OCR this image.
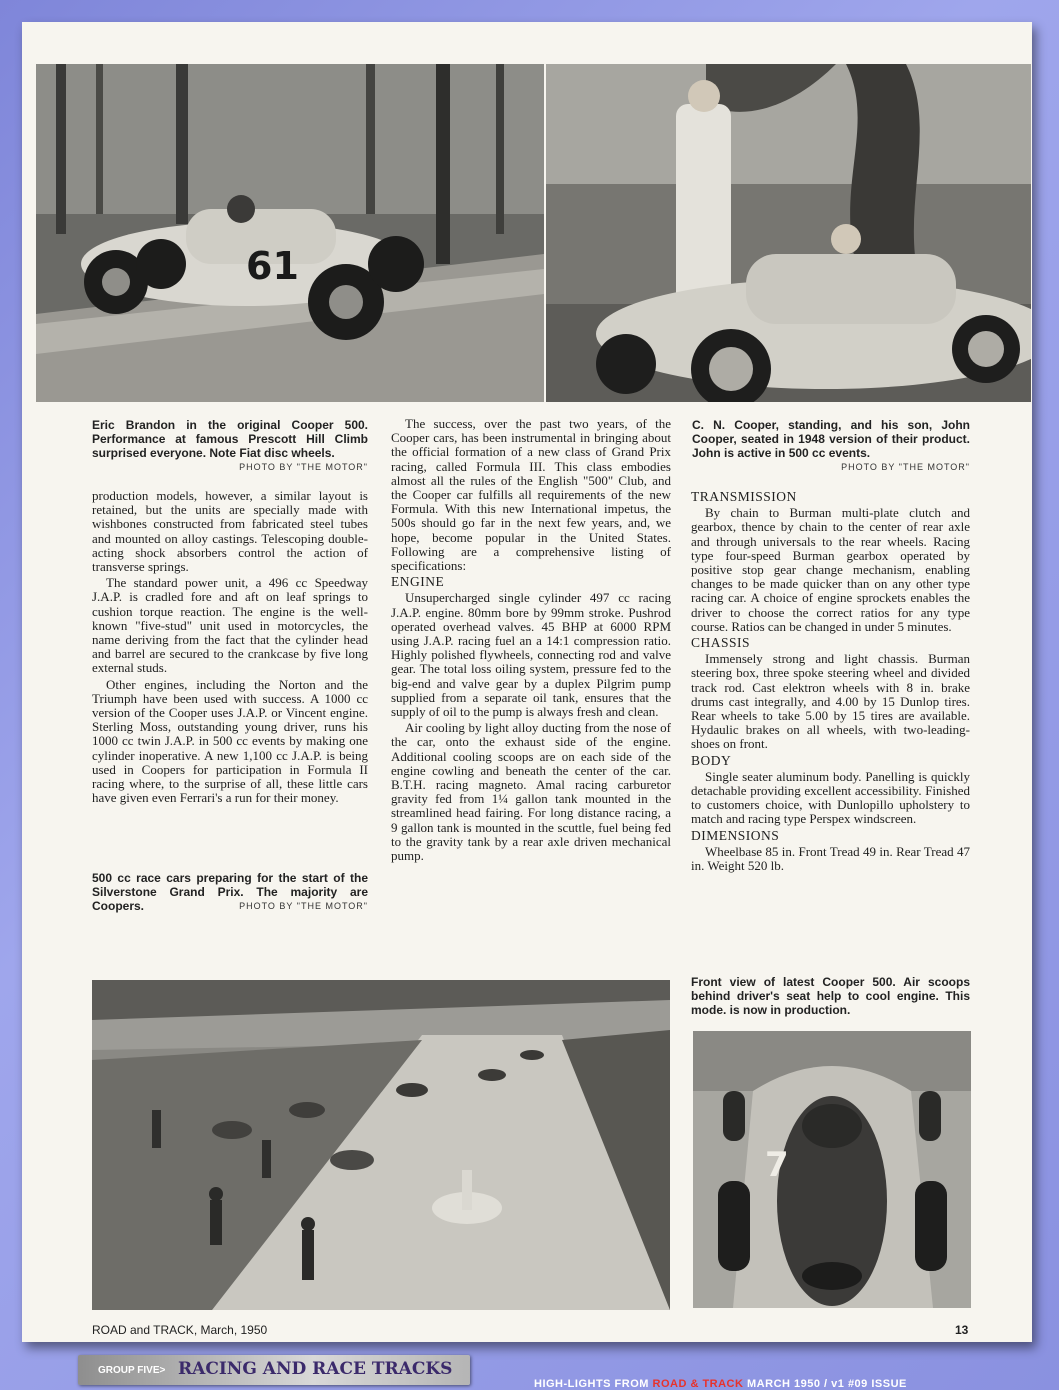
61
Eric Brandon in the original Cooper 500. Performance at famous Prescott Hill Climb surprised everyone. Note Fiat disc wheels.
PHOTO BY "THE MOTOR"
C. N. Cooper, standing, and his son, John Cooper, seated in 1948 version of their product. John is active in 500 cc events.
PHOTO BY "THE MOTOR"

production models, however, a similar layout is retained, but the units are specially made with wishbones constructed from fabricated steel tubes and mounted on alloy castings. Telescoping double-acting shock absorbers control the action of transverse springs.

The standard power unit, a 496 cc Speedway J.A.P. is cradled fore and aft on leaf springs to cushion torque reaction. The engine is the well-known "five-stud" unit used in motorcycles, the name deriving from the fact that the cylinder head and barrel are secured to the crankcase by five long external studs.

Other engines, including the Norton and the Triumph have been used with success. A 1000 cc version of the Cooper uses J.A.P. or Vincent engine. Sterling Moss, outstanding young driver, runs his 1000 cc twin J.A.P. in 500 cc events by making one cylinder inoperative. A new 1,100 cc J.A.P. is being used in Coopers for participation in Formula II racing where, to the surprise of all, these little cars have given even Ferrari's a run for their money.

500 cc race cars preparing for the start of the Silverstone Grand Prix. The majority are Coopers.	PHOTO BY "THE MOTOR"

The success, over the past two years, of the Cooper cars, has been instrumental in bringing about the official formation of a new class of Grand Prix racing, called Formula III. This class embodies almost all the rules of the English "500" Club, and the Cooper car fulfills all requirements of the new Formula. With this new International impetus, the 500s should go far in the next few years, and, we hope, become popular in the United States. Following are a comprehensive listing of specifications:

ENGINE

Unsupercharged single cylinder 497 cc racing J.A.P. engine. 80mm bore by 99mm stroke. Pushrod operated overhead valves. 45 BHP at 6000 RPM using J.A.P. racing fuel an a 14:1 compression ratio. Highly polished flywheels, connecting rod and valve gear. The total loss oiling system, pressure fed to the big-end and valve gear by a duplex Pilgrim pump supplied from a separate oil tank, ensures that the supply of oil to the pump is always fresh and clean.

Air cooling by light alloy ducting from the nose of the car, onto the exhaust side of the engine. Additional cooling scoops are on each side of the engine cowling and beneath the center of the car. B.T.H. racing magneto. Amal racing carburetor gravity fed from 1¼ gallon tank mounted in the streamlined head fairing. For long distance racing, a 9 gallon tank is mounted in the scuttle, fuel being fed to the gravity tank by a rear axle driven mechanical pump.

TRANSMISSION

By chain to Burman multi-plate clutch and gearbox, thence by chain to the center of rear axle and through universals to the rear wheels. Racing type four-speed Burman gearbox operated by positive stop gear change mechanism, enabling changes to be made quicker than on any other type racing car. A choice of engine sprockets enables the driver to choose the correct ratios for any type course. Ratios can be changed in under 5 minutes.

CHASSIS

Immensely strong and light chassis. Burman steering box, three spoke steering wheel and divided track rod. Cast elektron wheels with 8 in. brake drums cast integrally, and 4.00 by 15 Dunlop tires. Rear wheels to take 5.00 by 15 tires are available. Hydaulic brakes on all wheels, with two-leading-shoes on front.

BODY

Single seater aluminum body. Panelling is quickly detachable providing excellent accessibility. Finished to customers choice, with Dunlopillo upholstery to match and racing type Perspex windscreen.

DIMENSIONS

Wheelbase 85 in. Front Tread 49 in. Rear Tread 47 in. Weight 520 lb.

Front view of latest Cooper 500. Air scoops behind driver's seat help to cool engine. This mode. is now in production.
7
ROAD and TRACK, March, 1950	13
GROUP FIVE> RACING AND RACE TRACKS
HIGH-LIGHTS FROM ROAD & TRACK MARCH 1950 / v1 #09 ISSUE
